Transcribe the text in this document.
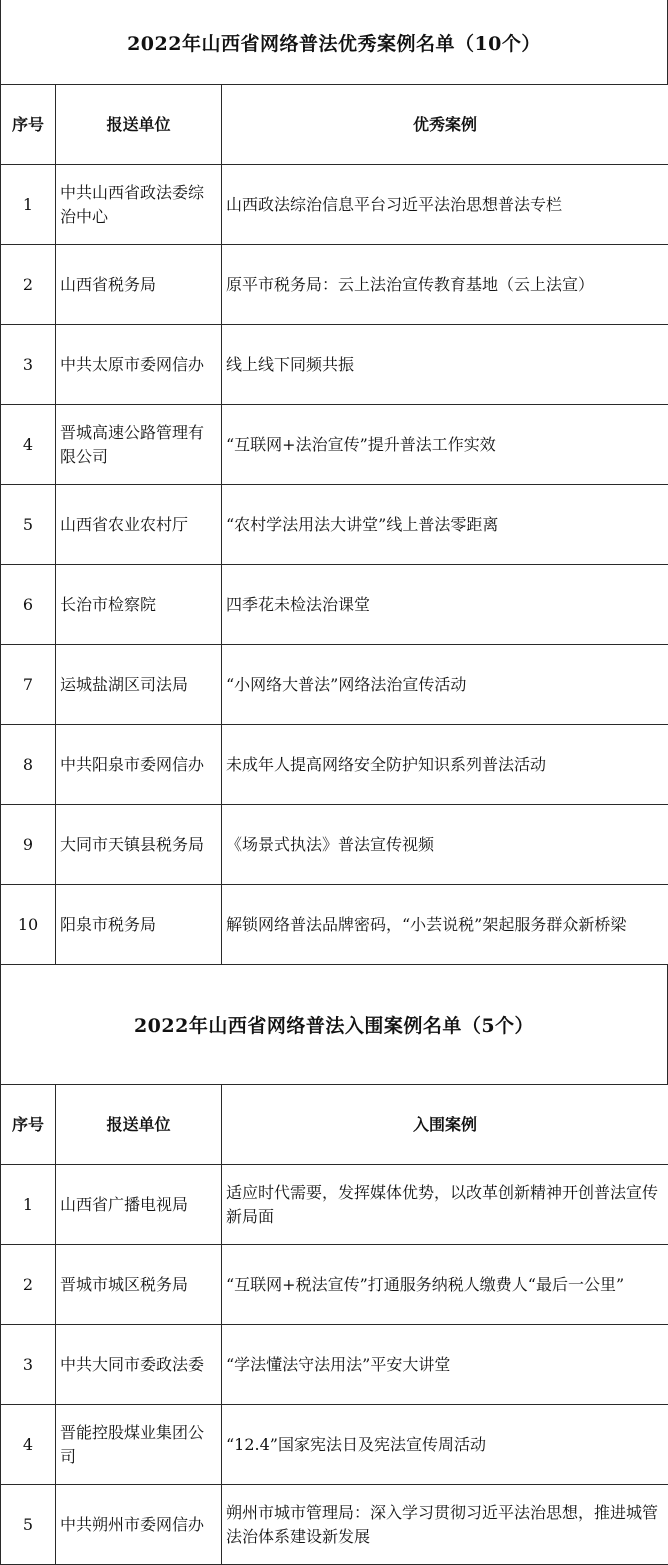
2022年山西省网络普法优秀案例名单（10个）
序号	报送单位	优秀案例
1	中共山西省政法委综治中心	山西政法综治信息平台习近平法治思想普法专栏
2	山西省税务局	原平市税务局：云上法治宣传教育基地（云上法宣）
3	中共太原市委网信办	线上线下同频共振
4	晋城高速公路管理有限公司	“互联网+法治宣传”提升普法工作实效
5	山西省农业农村厅	“农村学法用法大讲堂”线上普法零距离
6	长治市检察院	四季花未检法治课堂
7	运城盐湖区司法局	“小网络大普法”网络法治宣传活动
8	中共阳泉市委网信办	未成年人提高网络安全防护知识系列普法活动
9	大同市天镇县税务局	《场景式执法》普法宣传视频
10	阳泉市税务局	解锁网络普法品牌密码，“小芸说税”架起服务群众新桥梁
2022年山西省网络普法入围案例名单（5个）
序号	报送单位	入围案例
1	山西省广播电视局	适应时代需要，发挥媒体优势，以改革创新精神开创普法宣传新局面
2	晋城市城区税务局	“互联网+税法宣传”打通服务纳税人缴费人“最后一公里”
3	中共大同市委政法委	“学法懂法守法用法”平安大讲堂
4	晋能控股煤业集团公司	“12.4”国家宪法日及宪法宣传周活动
5	中共朔州市委网信办	朔州市城市管理局：深入学习贯彻习近平法治思想，推进城管法治体系建设新发展
